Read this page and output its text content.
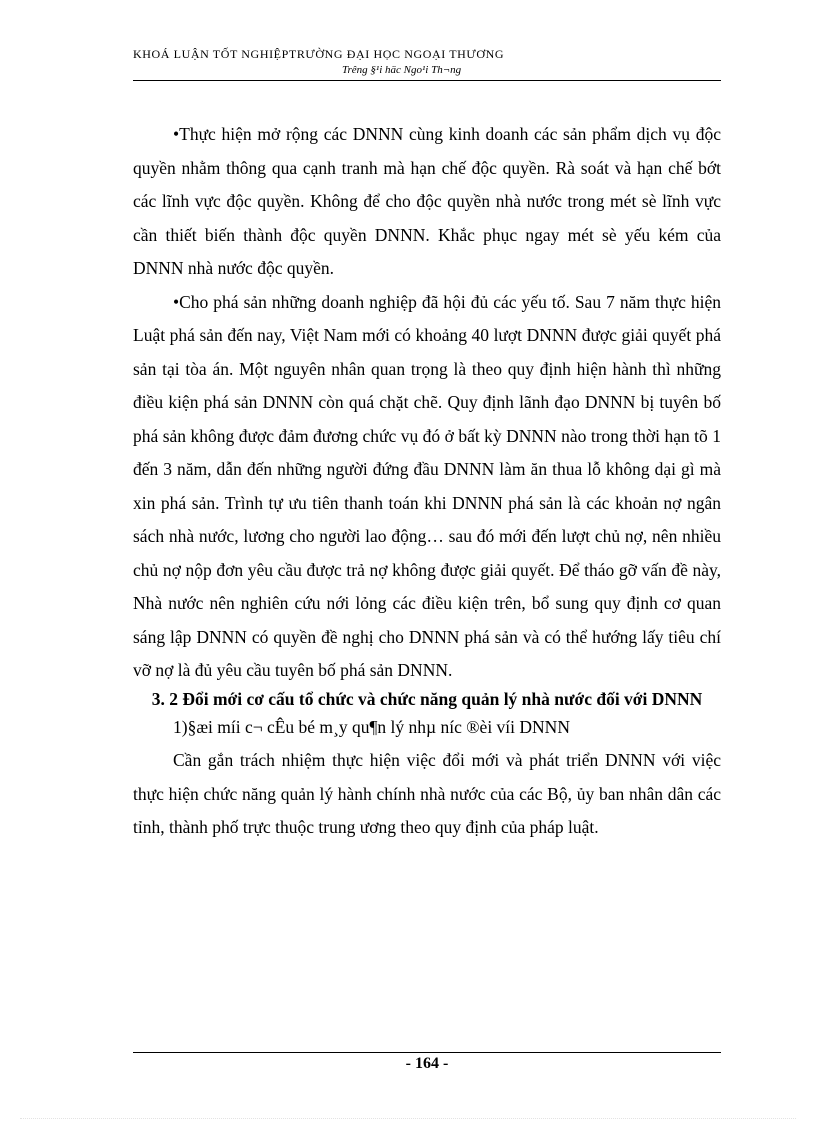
KHOÁ LUẬN TỐT NGHIỆPTRƯỜNG ĐẠI HỌC NGOẠI THƯƠNG
Trêng §¹i häc Ngo¹i Th¬ng

•Thực hiện mở rộng các DNNN cùng kinh doanh các sản phẩm dịch vụ độc quyền nhằm thông qua cạnh tranh mà hạn chế độc quyền. Rà soát và hạn chế bớt các lĩnh vực độc quyền. Không để cho độc quyền nhà nước trong mét sè lĩnh vực cần thiết biến thành độc quyền DNNN. Khắc phục ngay mét sè yếu kém của DNNN nhà nước độc quyền.

•Cho phá sản những doanh nghiệp đã hội đủ các yếu tố. Sau 7 năm thực hiện Luật phá sản đến nay, Việt Nam mới có khoảng 40 lượt DNNN được giải quyết phá sản tại tòa án. Một nguyên nhân quan trọng là theo quy định hiện hành thì những điều kiện phá sản DNNN còn quá chặt chẽ. Quy định lãnh đạo DNNN bị tuyên bố phá sản không được đảm đương chức vụ đó ở bất kỳ DNNN nào trong thời hạn tõ 1 đến 3 năm, dẫn đến những người đứng đầu DNNN làm ăn thua lỗ không dại gì mà xin phá sản. Trình tự ưu tiên thanh toán khi DNNN phá sản là các khoản nợ ngân sách nhà nước, lương cho người lao động… sau đó mới đến lượt chủ nợ, nên nhiều chủ nợ nộp đơn yêu cầu được trả nợ không được giải quyết. Để tháo gỡ vấn đề này, Nhà nước nên nghiên cứu nới lỏng các điều kiện trên, bổ sung quy định cơ quan sáng lập DNNN có quyền đề nghị cho DNNN phá sản và có thể hướng lấy tiêu chí vỡ nợ là đủ yêu cầu tuyên bố phá sản DNNN.

3. 2 Đổi mới cơ cấu tổ chức và chức năng quản lý nhà nước đối với DNNN

1)§æi míi c¬ cÊu bé m¸y qu¶n lý nhµ níc ®èi víi DNNN

Cần gắn trách nhiệm thực hiện việc đổi mới và phát triển DNNN với việc thực hiện chức năng quản lý hành chính nhà nước của các Bộ, ủy ban nhân dân các tỉnh, thành phố trực thuộc trung ương theo quy định của pháp luật.

- 164 -
